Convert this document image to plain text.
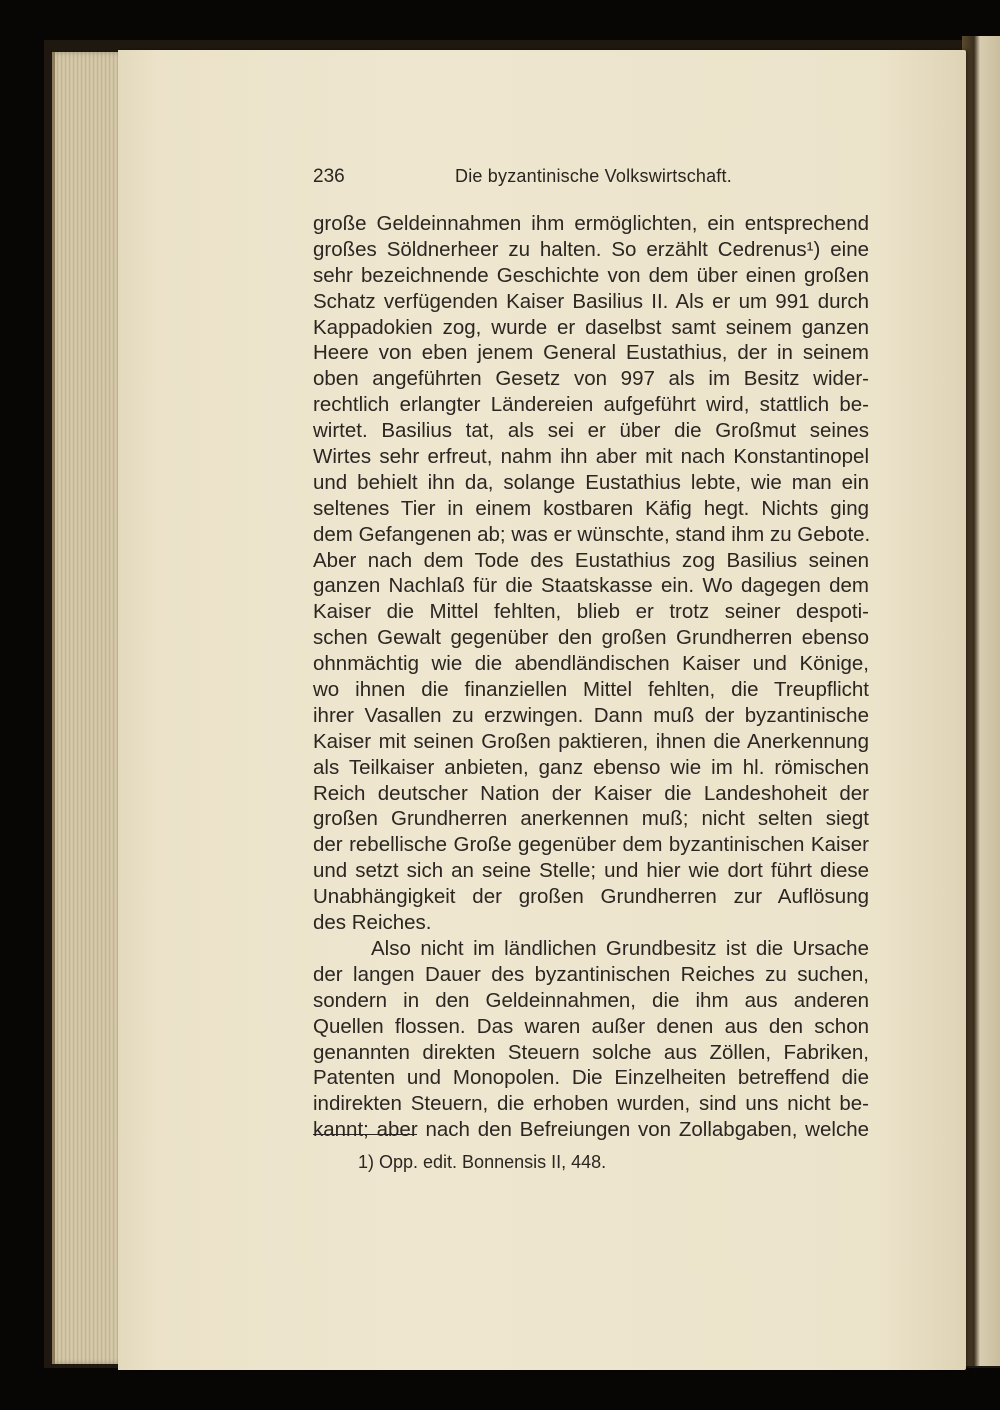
236	Die byzantinische Volkswirtschaft.
große Geldeinnahmen ihm ermöglichten, ein entsprechend
großes Söldnerheer zu halten. So erzählt Cedrenus¹) eine
sehr bezeichnende Geschichte von dem über einen großen
Schatz verfügenden Kaiser Basilius II. Als er um 991 durch
Kappadokien zog, wurde er daselbst samt seinem ganzen
Heere von eben jenem General Eustathius, der in seinem
oben angeführten Gesetz von 997 als im Besitz wider-
rechtlich erlangter Ländereien aufgeführt wird, stattlich be-
wirtet. Basilius tat, als sei er über die Großmut seines
Wirtes sehr erfreut, nahm ihn aber mit nach Konstantinopel
und behielt ihn da, solange Eustathius lebte, wie man ein
seltenes Tier in einem kostbaren Käfig hegt. Nichts ging
dem Gefangenen ab; was er wünschte, stand ihm zu Gebote.
Aber nach dem Tode des Eustathius zog Basilius seinen
ganzen Nachlaß für die Staatskasse ein. Wo dagegen dem
Kaiser die Mittel fehlten, blieb er trotz seiner despoti-
schen Gewalt gegenüber den großen Grundherren ebenso
ohnmächtig wie die abendländischen Kaiser und Könige,
wo ihnen die finanziellen Mittel fehlten, die Treupflicht
ihrer Vasallen zu erzwingen. Dann muß der byzantinische
Kaiser mit seinen Großen paktieren, ihnen die Anerkennung
als Teilkaiser anbieten, ganz ebenso wie im hl. römischen
Reich deutscher Nation der Kaiser die Landeshoheit der
großen Grundherren anerkennen muß; nicht selten siegt
der rebellische Große gegenüber dem byzantinischen Kaiser
und setzt sich an seine Stelle; und hier wie dort führt diese
Unabhängigkeit der großen Grundherren zur Auflösung
des Reiches.
Also nicht im ländlichen Grundbesitz ist die Ursache
der langen Dauer des byzantinischen Reiches zu suchen,
sondern in den Geldeinnahmen, die ihm aus anderen
Quellen flossen. Das waren außer denen aus den schon
genannten direkten Steuern solche aus Zöllen, Fabriken,
Patenten und Monopolen. Die Einzelheiten betreffend die
indirekten Steuern, die erhoben wurden, sind uns nicht be-
kannt; aber nach den Befreiungen von Zollabgaben, welche
1) Opp. edit. Bonnensis II, 448.
